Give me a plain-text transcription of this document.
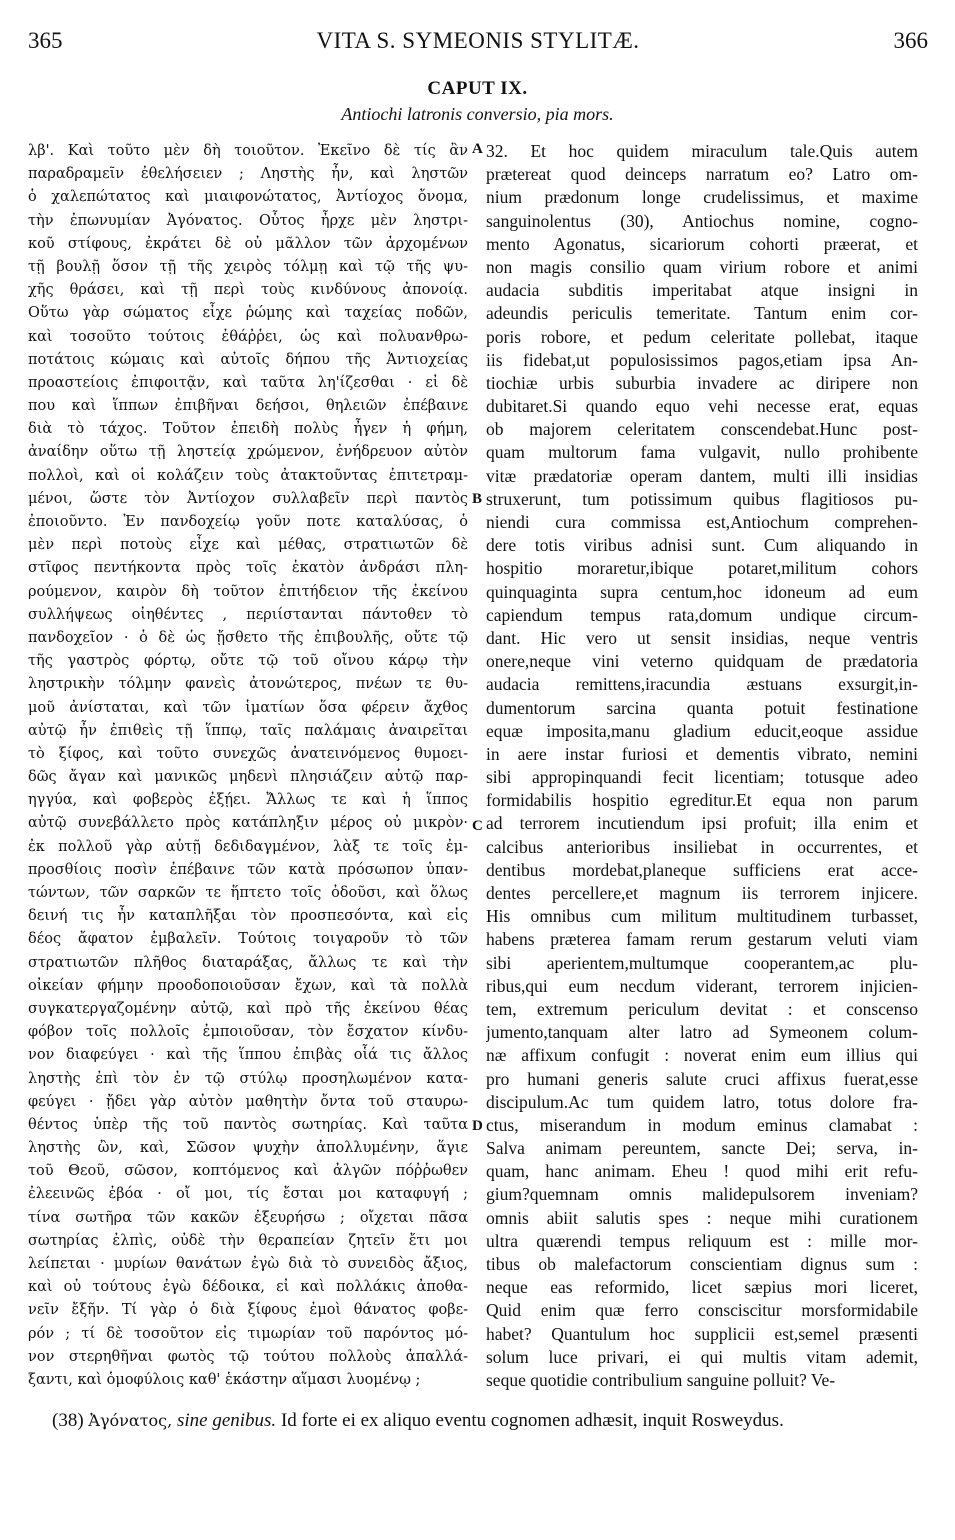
365	VITA S. SYMEONIS STYLITÆ.	366
CAPUT IX.
Antiochi latronis conversio, pia mors.
λβ'. Καὶ τοῦτο μὲν δὴ τοιοῦτον. Ἐκεῖνο δὲ τίς ἂν
παραδραμεῖν ἐθελήσειεν ; Ληστὴς ἦν, καὶ ληστῶν
ὁ χαλεπώτατος καὶ μιαιφονώτατος, Ἀντίοχος ὄνομα,
τὴν ἐπωνυμίαν Ἀγόνατος. Οὗτος ἦρχε μὲν ληστρι-
κοῦ στίφους, ἐκράτει δὲ οὐ μᾶλλον τῶν ἀρχομένων
τῇ βουλῇ ὅσον τῇ τῆς χειρὸς τόλμῃ καὶ τῷ τῆς ψυ-
χῆς θράσει, καὶ τῇ περὶ τοὺς κινδύνους ἀπονοίᾳ.
Οὕτω γὰρ σώματος εἶχε ῥώμης καὶ ταχείας ποδῶν,
καὶ τοσοῦτο τούτοις ἐθάῤῥει, ὡς καὶ πολυανθρω-
ποτάτοις κώμαις καὶ αὐτοῖς δήπου τῆς Ἀντιοχείας
προαστείοις ἐπιφοιτᾷν, καὶ ταῦτα λη'ίζεσθαι · εἰ δὲ
που καὶ ἵππων ἐπιβῆναι δεήσοι, θηλειῶν ἐπέβαινε
διὰ τὸ τάχος. Τοῦτον ἐπειδὴ πολὺς ἦγεν ἡ φήμη,
ἀναίδην οὕτω τῇ ληστείᾳ χρώμενον, ἐνήδρευον αὐτὸν
πολλοὶ, καὶ οἱ κολάζειν τοὺς ἀτακτοῦντας ἐπιτετραμ-
μένοι, ὥστε τὸν Ἀντίοχον συλλαβεῖν περὶ παντὸς
ἐποιοῦντο. Ἐν πανδοχείῳ γοῦν ποτε καταλύσας, ὁ
μὲν περὶ ποτοὺς εἶχε καὶ μέθας, στρατιωτῶν δὲ
στῖφος πεντήκοντα πρὸς τοῖς ἑκατὸν ἀνδράσι πλη-
ρούμενον, καιρὸν δὴ τοῦτον ἐπιτήδειον τῆς ἐκείνου
συλλήψεως οἰηθέντες , περιίστανται πάντοθεν τὸ
πανδοχεῖον · ὁ δὲ ὡς ᾔσθετο τῆς ἐπιβουλῆς, οὔτε τῷ
τῆς γαστρὸς φόρτῳ, οὔτε τῷ τοῦ οἴνου κάρῳ τὴν
ληστρικὴν τόλμην φανεὶς ἀτονώτερος, πνέων τε θυ-
μοῦ ἀνίσταται, καὶ τῶν ἱματίων ὅσα φέρειν ἄχθος
αὐτῷ ἦν ἐπιθεὶς τῇ ἵππῳ, ταῖς παλάμαις ἀναιρεῖται
τὸ ξίφος, καὶ τοῦτο συνεχῶς ἀνατεινόμενος θυμοει-
δῶς ἄγαν καὶ μανικῶς μηδενὶ πλησιάζειν αὐτῷ παρ-
ηγγύα, καὶ φοβερὸς ἐξῄει. Ἄλλως τε καὶ ἡ ἵππος
αὐτῷ συνεβάλλετο πρὸς κατάπληξιν μέρος οὐ μικρὸν·
ἐκ πολλοῦ γὰρ αὐτῇ δεδιδαγμένον, λὰξ τε τοῖς ἐμ-
προσθίοις ποσὶν ἐπέβαινε τῶν κατὰ πρόσωπον ὑπαν-
τώντων, τῶν σαρκῶν τε ἥπτετο τοῖς ὀδοῦσι, καὶ ὅλως
δεινή τις ἦν καταπλῆξαι τὸν προσπεσόντα, καὶ εἰς
δέος ἄφατον ἐμβαλεῖν. Τούτοις τοιγαροῦν τὸ τῶν
στρατιωτῶν πλῆθος διαταράξας, ἄλλως τε καὶ τὴν
οἰκείαν φήμην προοδοποιοῦσαν ἔχων, καὶ τὰ πολλὰ
συγκατεργαζομένην αὐτῷ, καὶ πρὸ τῆς ἐκείνου θέας
φόβον τοῖς πολλοῖς ἐμποιοῦσαν, τὸν ἔσχατον κίνδυ-
νον διαφεύγει · καὶ τῆς ἵππου ἐπιβὰς οἷά τις ἄλλος
ληστὴς ἐπὶ τὸν ἐν τῷ στύλῳ προσηλωμένον κατα-
φεύγει · ᾔδει γὰρ αὐτὸν μαθητὴν ὄντα τοῦ σταυρω-
θέντος ὑπὲρ τῆς τοῦ παντὸς σωτηρίας. Καὶ ταῦτα
ληστὴς ὢν, καὶ, Σῶσον ψυχὴν ἀπολλυμένην, ἅγιε
τοῦ Θεοῦ, σῶσον, κοπτόμενος καὶ ἀλγῶν πόῤῥωθεν
ἐλεεινῶς ἐβόα · οἴ μοι, τίς ἔσται μοι καταφυγή ;
τίνα σωτῆρα τῶν κακῶν ἐξευρήσω ; οἴχεται πᾶσα
σωτηρίας ἐλπὶς, οὐδὲ τὴν θεραπείαν ζητεῖν ἔτι μοι
λείπεται · μυρίων θανάτων ἐγὼ διὰ τὸ συνειδὸς ἄξιος,
καὶ οὐ τούτους ἐγὼ δέδοικα, εἰ καὶ πολλάκις ἀποθα-
νεῖν ἔξῆν. Τί γὰρ ὁ διὰ ξίφους ἐμοὶ θάνατος φοβε-
ρόν ; τί δὲ τοσοῦτον εἰς τιμωρίαν τοῦ παρόντος μό-
νον στερηθῆναι φωτὸς τῷ τούτου πολλοὺς ἀπαλλά-
ξαντι, καὶ ὁμοφύλοις καθ' ἑκάστην αἵμασι λυομένῳ ;
32. Et hoc quidem miraculum tale.Quis autem
prætereat quod deinceps narratum eo? Latro om-
nium prædonum longe crudelissimus, et maxime
sanguinolentus (30), Antiochus nomine, cogno-
mento Agonatus, sicariorum cohorti præerat, et
non magis consilio quam virium robore et animi
audacia subditis imperitabat atque insigni in
adeundis periculis temeritate. Tantum enim cor-
poris robore, et pedum celeritate pollebat, itaque
iis fidebat,ut populosissimos pagos,etiam ipsa An-
tiochiæ urbis suburbia invadere ac diripere non
dubitaret.Si quando equo vehi necesse erat, equas
ob majorem celeritatem conscendebat.Hunc post-
quam multorum fama vulgavit, nullo prohibente
vitæ prædatoriæ operam dantem, multi illi insidias
struxerunt, tum potissimum quibus flagitiosos pu-
niendi cura commissa est,Antiochum comprehen-
dere totis viribus adnisi sunt. Cum aliquando in
hospitio moraretur,ibique potaret,militum cohors
quinquaginta supra centum,hoc idoneum ad eum
capiendum tempus rata,domum undique circum-
dant. Hic vero ut sensit insidias, neque ventris
onere,neque vini veterno quidquam de prædatoria
audacia remittens,iracundia æstuans exsurgit,in-
dumentorum sarcina quanta potuit festinatione
equæ imposita,manu gladium educit,eoque assidue
in aere instar furiosi et dementis vibrato, nemini
sibi appropinquandi fecit licentiam; totusque adeo
formidabilis hospitio egreditur.Et equa non parum
ad terrorem incutiendum ipsi profuit; illa enim et
calcibus anterioribus insiliebat in occurrentes, et
dentibus mordebat,planeque sufficiens erat acce-
dentes percellere,et magnum iis terrorem injicere.
His omnibus cum militum multitudinem turbasset,
habens præterea famam rerum gestarum veluti viam
sibi aperientem,multumque cooperantem,ac plu-
ribus,qui eum necdum viderant, terrorem injicien-
tem, extremum periculum devitat : et conscenso
jumento,tanquam alter latro ad Symeonem colum-
næ affixum confugit : noverat enim eum illius qui
pro humani generis salute cruci affixus fuerat,esse
discipulum.Ac tum quidem latro, totus dolore fra-
ctus, miserandum in modum eminus clamabat :
Salva animam pereuntem, sancte Dei; serva, in-
quam, hanc animam. Eheu ! quod mihi erit refu-
gium?quemnam omnis malidepulsorem inveniam?
omnis abiit salutis spes : neque mihi curationem
ultra quærendi tempus reliquum est : mille mor-
tibus ob malefactorum conscientiam dignus sum :
neque eas reformido, licet sæpius mori liceret,
Quid enim quæ ferro consciscitur morsformidabile
habet? Quantulum hoc supplicii est,semel præsenti
solum luce privari, ei qui multis vitam ademit,
seque quotidie contribulium sanguine polluit? Ve-
A
B
C
D
(38) Ἀγόνατος, sine genibus. Id forte ei ex aliquo eventu cognomen adhæsit, inquit Rosweydus.
